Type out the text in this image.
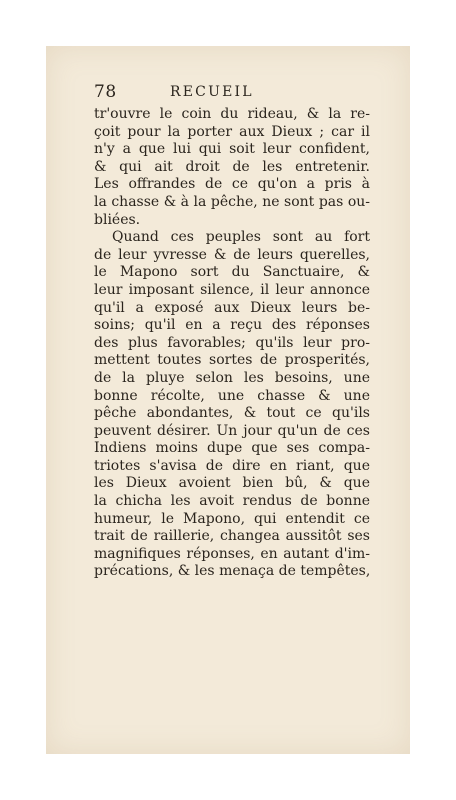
78	RECUEIL
tr'ouvre le coin du rideau, & la re-
çoit pour la porter aux Dieux ; car il
n'y a que lui qui soit leur confident,
& qui ait droit de les entretenir.
Les offrandes de ce qu'on a pris à
la chasse & à la pêche, ne sont pas ou-
bliées.
Quand ces peuples sont au fort
de leur yvresse & de leurs querelles,
le Mapono sort du Sanctuaire, &
leur imposant silence, il leur annonce
qu'il a exposé aux Dieux leurs be-
soins; qu'il en a reçu des réponses
des plus favorables; qu'ils leur pro-
mettent toutes sortes de prosperités,
de la pluye selon les besoins, une
bonne récolte, une chasse & une
pêche abondantes, & tout ce qu'ils
peuvent désirer. Un jour qu'un de ces
Indiens moins dupe que ses compa-
triotes s'avisa de dire en riant, que
les Dieux avoient bien bû, & que
la chicha les avoit rendus de bonne
humeur, le Mapono, qui entendit ce
trait de raillerie, changea aussitôt ses
magnifiques réponses, en autant d'im-
précations, & les menaça de tempêtes,
